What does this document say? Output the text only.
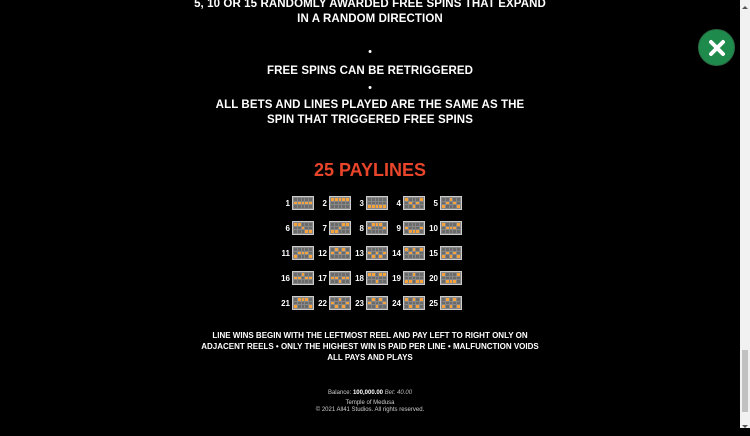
5, 10 OR 15 RANDOMLY AWARDED FREE SPINS THAT EXPAND
IN A RANDOM DIRECTION
•
FREE SPINS CAN BE RETRIGGERED
•
ALL BETS AND LINES PLAYED ARE THE SAME AS THE
SPIN THAT TRIGGERED FREE SPINS
25 PAYLINES
1	2	3	4	5
6	7	8	9	10
11	12	13	14	15
16	17	18	19	20
21	22	23	24	25
LINE WINS BEGIN WITH THE LEFTMOST REEL AND PAY LEFT TO RIGHT ONLY ON
ADJACENT REELS • ONLY THE HIGHEST WIN IS PAID PER LINE • MALFUNCTION VOIDS
ALL PAYS AND PLAYS
Balance: 100,000.00 Bet: 40.00
Temple of Medusa
© 2021 All41 Studios. All rights reserved.
